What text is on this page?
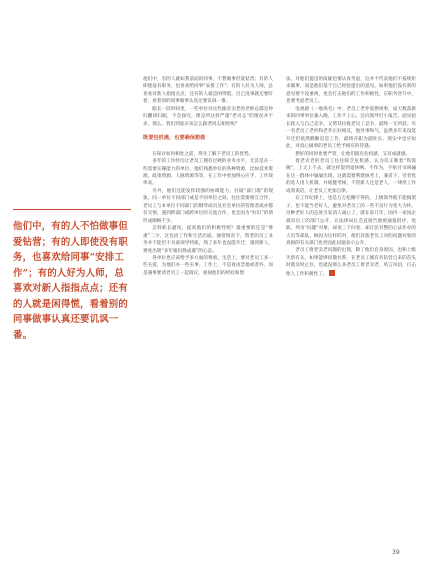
他们中，有的人不怕做事但爱钻营；有的人即使没有职务，也喜欢给同事“安排工作”；有的人好为人师，总喜欢对新人指指点点；还有的人就是闲得慌，看着别的同事做事认真还要讥讽一番。

他们中，有的人就如我前面的同事，不想做事但爱钻营；有的人即使没有职务，也喜欢给同事“安排工作”；有的人好为人师，总喜欢对新人指指点点；还有的人就是闲得慌，自己没事就还要盯着，看着别的同事做事认真还要讥讽一番。

眼长一段时间里，一些单位对这些偷者卖老的老师总都是停归翻闭归眼，不会探究，像是所这样严谨“老司志”的情况并不多。那么，我们到底应该怎么跟老同志相处呢？

既要包机遇，也要确保想做

在探讨如何相处之前，得先了解下老员工的优势。

多年的工作经历让老员工拥有过硬的业务水平，尤其是在一些需要实操能力的单位，他们熟悉单位的各种资源，比如技术资源、政策资源、人脉资源等等，在工作中更加得心应手，工作效率高。

另外，他们还能发挥较强的协调能力，打破“部门墙”的现象。同一单位不同部门或是不同单位之间，往往需要相互合作，老员工与本单位不同部门的钢琴成员及社会单位的管理者或亦都有交情，遇到跨部门或跨单位的交流合作，也会因为“好识”的情形成顺畅不少。

怎样抓长避短，提高他们的积极性呢？最重要的还是“尊重”二字，这包括工作和生活层面。通常情况下，资老的员工业务并不能但不具备领导特质，熟了多年也没能升迁，遇到新人，难免出现“多年媳妇熬成婆”的心态。

各单位也应该给予多方面的尊重。生活上，要对老员工多一些关爱，为他们办一些实事。工作上，不是再由恋他或者弃，而是遇事要请老员工一起商议，重视他们的经验和想

法，对他们提出的质疑也要认真考虑，这并不代表他们不按规矩来做事，而是他们基于自己经验提出的意见。如果他们没有新的意见要不没重视，也会打击他们的工作积极性，在职务晋升中，也要考虑老员工。

电视剧《一地鸡毛》中，老员工老乔爱摆闲事，成天数落新来的同事单位兼入晚，工作不上心，还向领导打小报告，面见拍长轮入与自己竞争，又帮其拉拢老员工竞争，最终一无所获。另一名老员工老何和老乔正好相反，他处事和气，虽然多年来没能开迁但依然勤勤恳恳工作，最终开职为副处长。现实中也应如此，对真心做事的老员工给予相应的待遇。

摆好的同时也要严管，让他们既有危机感，又有成就感。

倚老卖老的老员工往往缺乏危机感，认为反正唯着“铁饭碗”，上又上不去，就这样混到退休啊。不作为，不贴甘书叫磕在这一群体中屡屡出现。这就需要利建纵考上，兼者下，劳者优的选人用人机制，并缓健考核，不管新人还是老人，一律用工作成效说话，让老员工更加自律。

在工作纪律上，也是万万松懈不得的。上级领导既不能搞架子，也不能当老好人，避免对老员工的一些不良行为宽大为怀。这种老好人的态度引发消人离心了，就在前几年，国内一家国企就向员工的部门公开，让法律局长会直接告他被通报批评，免职，列为“问题”对象，却说三个问卷，却让民对整的心法作办的人员等部队。顾因为这样的对，他们其他老员工对的问题对象的真相的有关部门也更因此问题表示公开。

老员工倚老卖老问题的出现，除了他们自身原因，也和上级失察有关。如果能够扣微社系，在老员工刚有名钻营自来的苗头时就及时止住，也就没那么多老员工倚老卖老，风言风语，打击他人工作积极性了。

39
